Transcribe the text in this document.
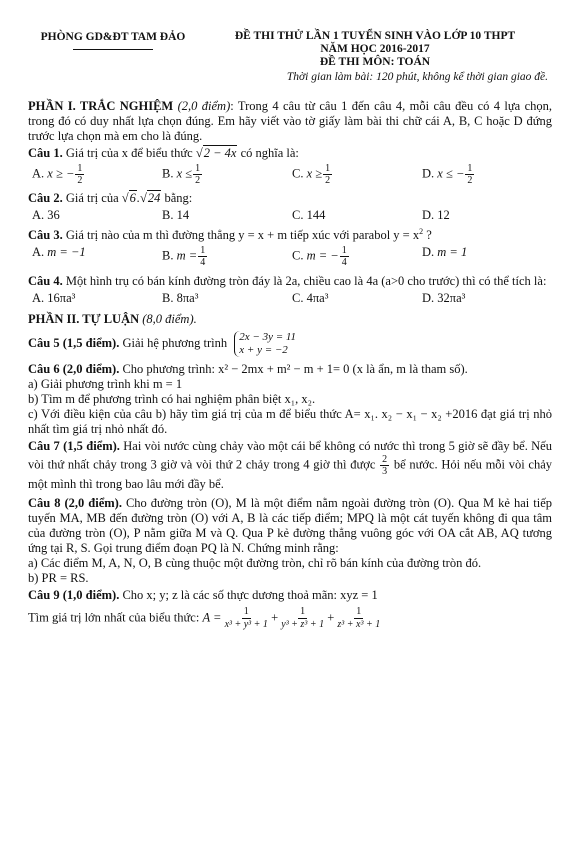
PHÒNG GD&ĐT TAM ĐẢO	ĐỀ THI THỬ LẦN 1 TUYỂN SINH VÀO LỚP 10 THPT
NĂM HỌC 2016-2017
ĐỀ THI MÔN: TOÁN
Thời gian làm bài: 120 phút, không kể thời gian giao đề.

PHẦN I. TRẮC NGHIỆM (2,0 điểm): Trong 4 câu từ câu 1 đến câu 4, mỗi câu đều có 4 lựa chọn, trong đó có duy nhất lựa chọn đúng. Em hãy viết vào tờ giấy làm bài thi chữ cái A, B, C hoặc D đứng trước lựa chọn mà em cho là đúng.

Câu 1. Giá trị của x để biểu thức √2 − 4x có nghĩa là:

A. x ≥ − $\frac{1}{2}$	B. $x \le \frac{1}{2}$	C. $x \ge \frac{1}{2}$	D. x ≤ − $\frac{1}{2}$

Câu 2. Giá trị của √6.√24 bằng:

A. 36	B. 14	C. 144	D. 12

Câu 3. Giá trị nào của m thì đường thẳng y = x + m tiếp xúc với parabol $y = x^2$ ?

A. m = −1	B. $m = \frac{1}{4}$	C. m = − $\frac{1}{4}$	D. m = 1

Câu 4. Một hình trụ có bán kính đường tròn đáy là 2a, chiều cao là 4a (a>0 cho trước) thì có thể tích là:

A. 16πa³	B. 8πa³	C. 4πa³	D. 32πa³

PHẦN II. TỰ LUẬN (8,0 điểm).

Câu 5 (1,5 điểm). Giải hệ phương trình 2x − 3y = 11
x + y = −2

Câu 6 (2,0 điểm). Cho phương trình: x² − 2mx + m² − m + 1= 0 (x là ẩn, m là tham số).

a) Giải phương trình khi m = 1

b) Tìm m để phương trình có hai nghiệm phân biệt x₁, x₂.

c) Với điều kiện của câu b) hãy tìm giá trị của m để biểu thức A= x₁. x₂ − x₁ − x₂ +2016 đạt giá trị nhỏ nhất tìm giá trị nhỏ nhất đó.

Câu 7 (1,5 điểm). Hai vòi nước cùng chảy vào một cái bể không có nước thì trong 5 giờ sẽ đầy bể. Nếu vòi thứ nhất chảy trong 3 giờ và vòi thứ 2 chảy trong 4 giờ thì được $\frac{2}{3}$ bể nước. Hỏi nếu mỗi vòi chảy một mình thì trong bao lâu mới đầy bể.

Câu 8 (2,0 điểm). Cho đường tròn (O), M là một điểm nằm ngoài đường tròn (O). Qua M kẻ hai tiếp tuyến MA, MB đến đường tròn (O) với A, B là các tiếp điểm; MPQ là một cát tuyến không đi qua tâm của đường tròn (O), P nằm giữa M và Q. Qua P kẻ đường thẳng vuông góc với OA cắt AB, AQ tương ứng tại R, S. Gọi trung điểm đoạn PQ là N. Chứng minh rằng:

a) Các điểm M, A, N, O, B cùng thuộc một đường tròn, chỉ rõ bán kính của đường tròn đó.

b) PR = RS.

Câu 9 (1,0 điểm). Cho x; y; z là các số thực dương thoả mãn: xyz = 1

Tìm giá trị lớn nhất của biểu thức: $A = \frac{1}{\text{x³ + y³ + 1}} + \frac{1}{\text{y³ + z³ + 1}} + \frac{1}{\text{z³ + x³ + 1}}$
